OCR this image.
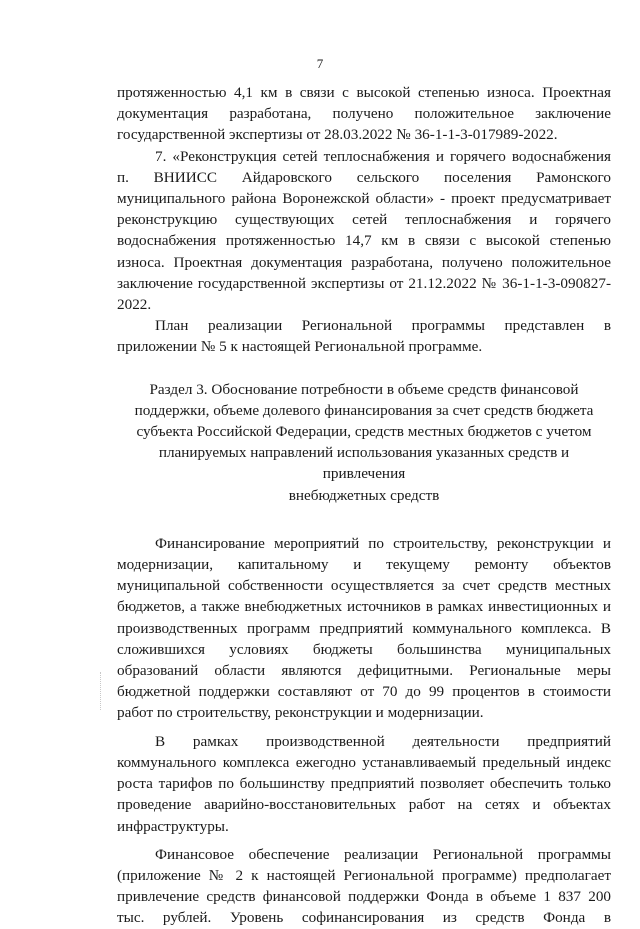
7

протяженностью 4,1 км в связи с высокой степенью износа. Проектная документация разработана, получено положительное заключение государственной экспертизы от 28.03.2022 № 36-1-1-3-017989-2022.

7. «Реконструкция сетей теплоснабжения и горячего водоснабжения п. ВНИИСС Айдаровского сельского поселения Рамонского муниципального района Воронежской области» - проект предусматривает реконструкцию существующих сетей теплоснабжения и горячего водоснабжения протяженностью 14,7 км в связи с высокой степенью износа. Проектная документация разработана, получено положительное заключение государственной экспертизы от 21.12.2022 № 36-1-1-3-090827-2022.

План реализации Региональной программы представлен в приложении № 5 к настоящей Региональной программе.

Раздел 3. Обоснование потребности в объеме средств финансовой
поддержки, объеме долевого финансирования за счет средств бюджета
субъекта Российской Федерации, средств местных бюджетов с учетом
планируемых направлений использования указанных средств и привлечения
внебюджетных средств

Финансирование мероприятий по строительству, реконструкции и модернизации, капитальному и текущему ремонту объектов муниципальной собственности осуществляется за счет средств местных бюджетов, а также внебюджетных источников в рамках инвестиционных и производственных программ предприятий коммунального комплекса. В сложившихся условиях бюджеты большинства муниципальных образований области являются дефицитными. Региональные меры бюджетной поддержки составляют от 70 до 99 процентов в стоимости работ по строительству, реконструкции и модернизации.

В рамках производственной деятельности предприятий коммунального комплекса ежегодно устанавливаемый предельный индекс роста тарифов по большинству предприятий позволяет обеспечить только проведение аварийно-восстановительных работ на сетях и объектах инфраструктуры.

Финансовое обеспечение реализации Региональной программы (приложение № 2 к настоящей Региональной программе) предполагает привлечение средств финансовой поддержки Фонда в объеме 1 837 200 тыс. рублей. Уровень софинансирования из средств Фонда в
